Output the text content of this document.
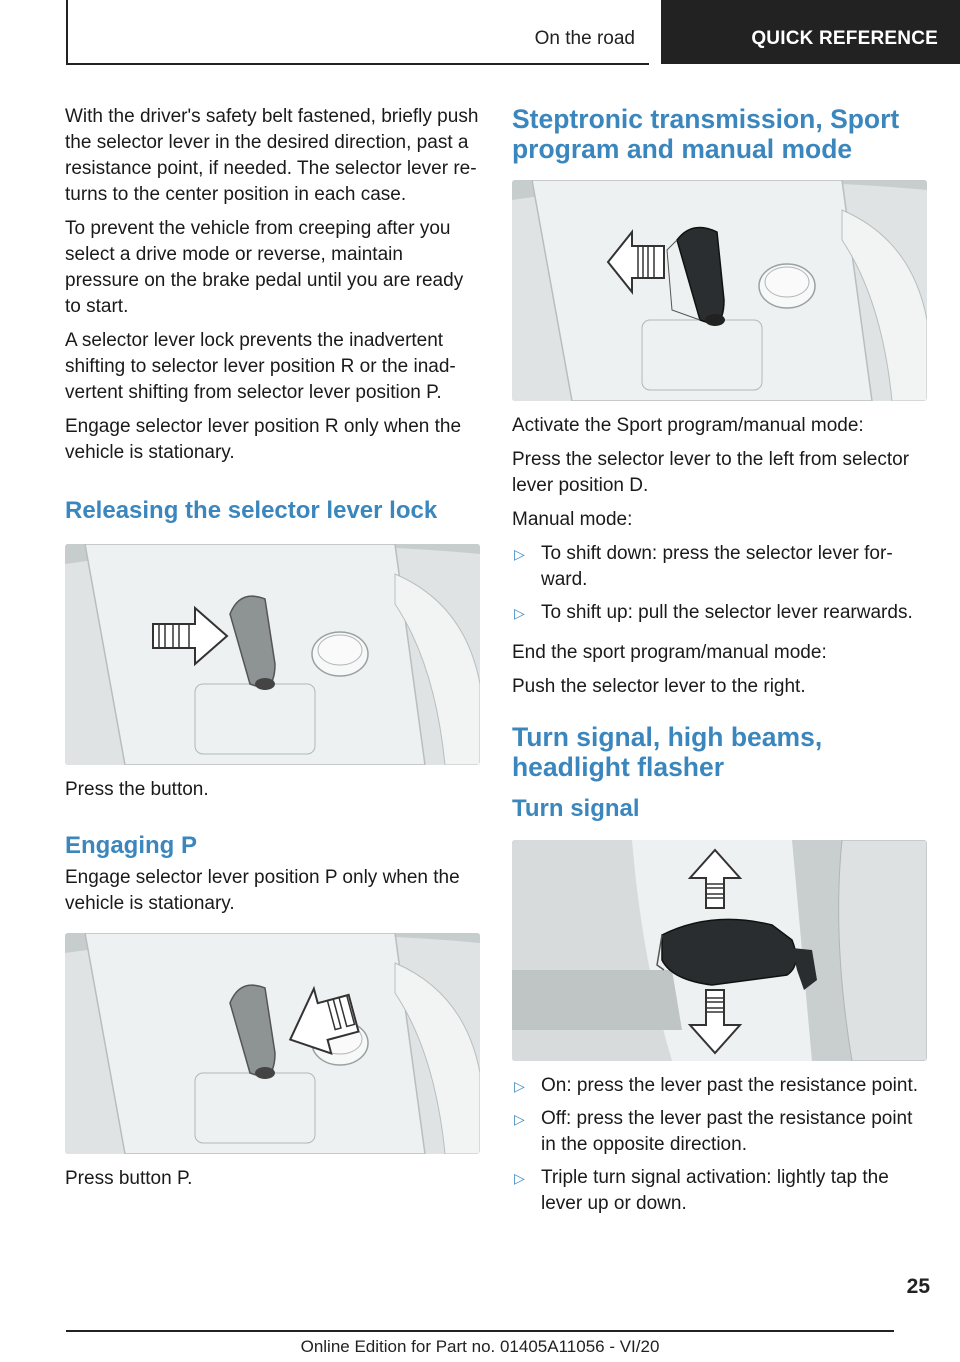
On the road	QUICK REFERENCE

With the driver's safety belt fastened, briefly push the selector lever in the desired direction, past a resistance point, if needed. The selector lever re‐turns to the center position in each case.

To prevent the vehicle from creeping after you select a drive mode or reverse, maintain pressure on the brake pedal until you are ready to start.

A selector lever lock prevents the inadvertent shifting to selector lever position R or the inad‐vertent shifting from selector lever position P.

Engage selector lever position R only when the vehicle is stationary.

Releasing the selector lever lock

Press the button.

Engaging P

Engage selector lever position P only when the vehicle is stationary.

Press button P.

Steptronic transmission, Sport program and manual mode

Activate the Sport program/manual mode:

Press the selector lever to the left from selector lever position D.

Manual mode:

▷ To shift down: press the selector lever for‐ward.
▷ To shift up: pull the selector lever rearwards.

End the sport program/manual mode:

Push the selector lever to the right.

Turn signal, high beams, headlight flasher
Turn signal
▷ On: press the lever past the resistance point.
▷ Off: press the lever past the resistance point in the opposite direction.
▷ Triple turn signal activation: lightly tap the lever up or down.
25
Online Edition for Part no. 01405A11056 - VI/20
